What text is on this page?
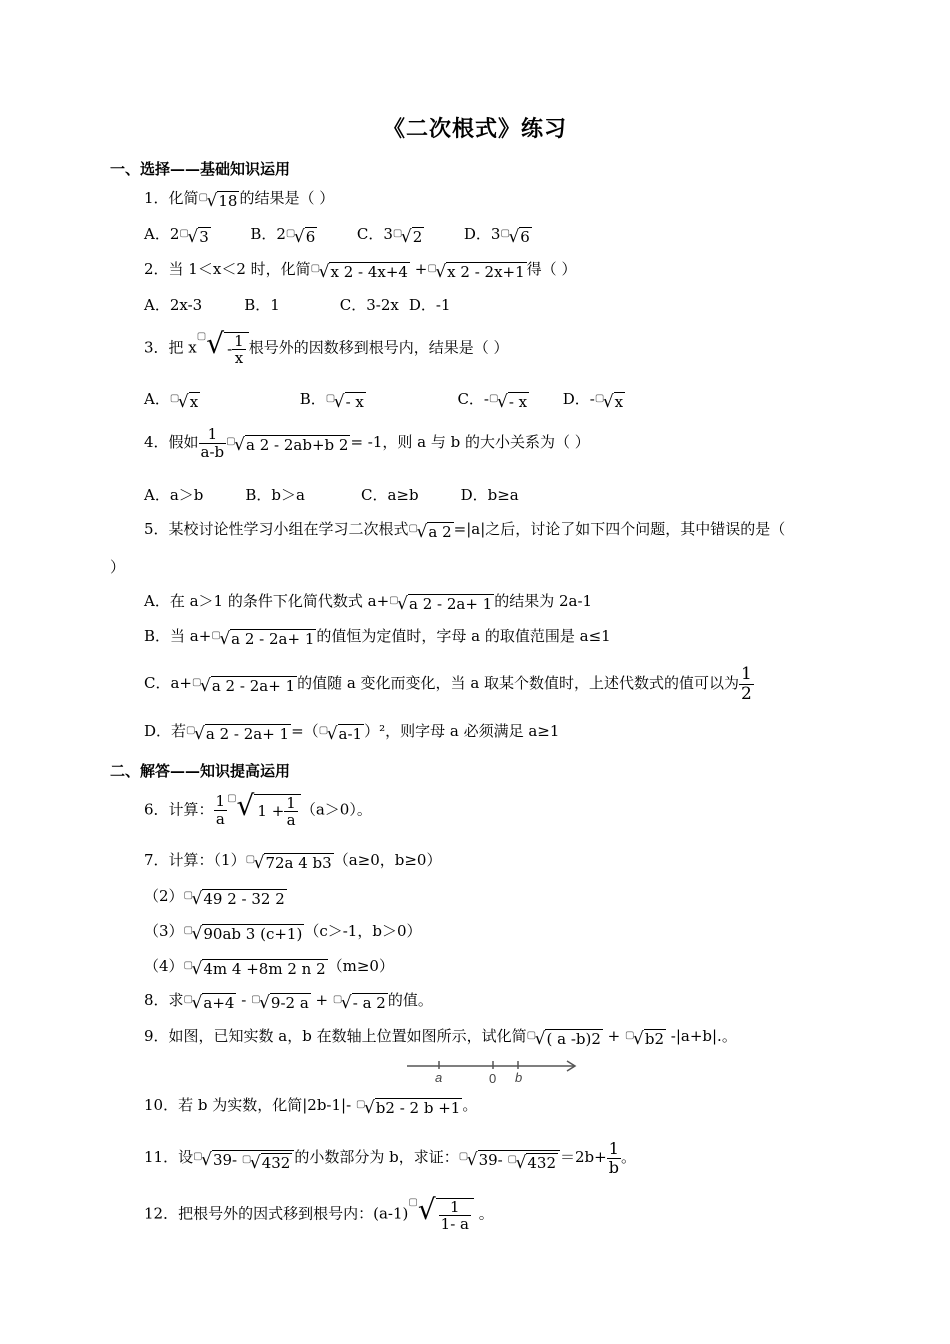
《二次根式》练习
一、选择——基础知识运用
1．化简▢√18 的结果是（ ）
A．2▢√3	B．2▢√6	C．3▢√2	D．3▢√6
2．当 1＜x＜2 时，化简▢√x 2 - 4x+4 +▢√x 2 - 2x+1 得（ ）
A．2x-3	B．1	C．3-2x D．-1
3．把 $x^▢√ - \frac{1}{x}$ 根号外的因数移到根号内，结果是（ ）
A．▢√x	B．▢√- x	C．-▢√- x D．-▢√x
4．假如 $\frac{1}{a-b}$ ▢√a 2 - 2ab+b 2 = -1，则 a 与 b 的大小关系为（ ）
A．a＞b	B．b＞a	C．a≥b	D．b≥a
5．某校讨论性学习小组在学习二次根式▢√a 2 =|a|之后，讨论了如下四个问题，其中错误的是（
）
A．在 a＞1 的条件下化简代数式 a+▢√a 2 - 2a+ 1 的结果为 2a-1
B．当 a+▢√a 2 - 2a+ 1 的值恒为定值时，字母 a 的取值范围是 a≤1
C．a+▢√a 2 - 2a+ 1 的值随 a 变化而变化，当 a 取某个数值时，上述代数式的值可以为 $\frac{1}{2}$
D．若▢√a 2 - 2a+ 1 =（▢√a-1 ）²，则字母 a 必须满足 a≥1
二、解答——知识提高运用
6．计算： $\frac{1}{a} ^▢√$ $1 + \frac{1}{a} (a>0)$。
7．计算：（1）▢√72a 4 b3 （a≥0，b≥0）
（2）▢√49 2 - 32 2
（3）▢√90ab 3 (c+1) （c＞-1，b＞0）
（4）▢√4m 4 +8m 2 n 2 （m≥0）
8．求▢√a+4 - ▢√9-2 a + ▢√- a 2 的值。
9．如图，已知实数 a，b 在数轴上位置如图所示，试化简▢√( a -b)2 + ▢√b2 -|a+b|.。
a	0 b
10．若 b 为实数，化简|2b-1|- ▢√b2 - 2 b +1 。
11．设▢√39- ▢√432 的小数部分为 b，求证：▢√39- ▢√432 $=2b+ \frac{1}{b}$ 。
12．把根号外的因式移到根号内：$(a-1)^▢√ \frac{1}{1- a}$ 。
